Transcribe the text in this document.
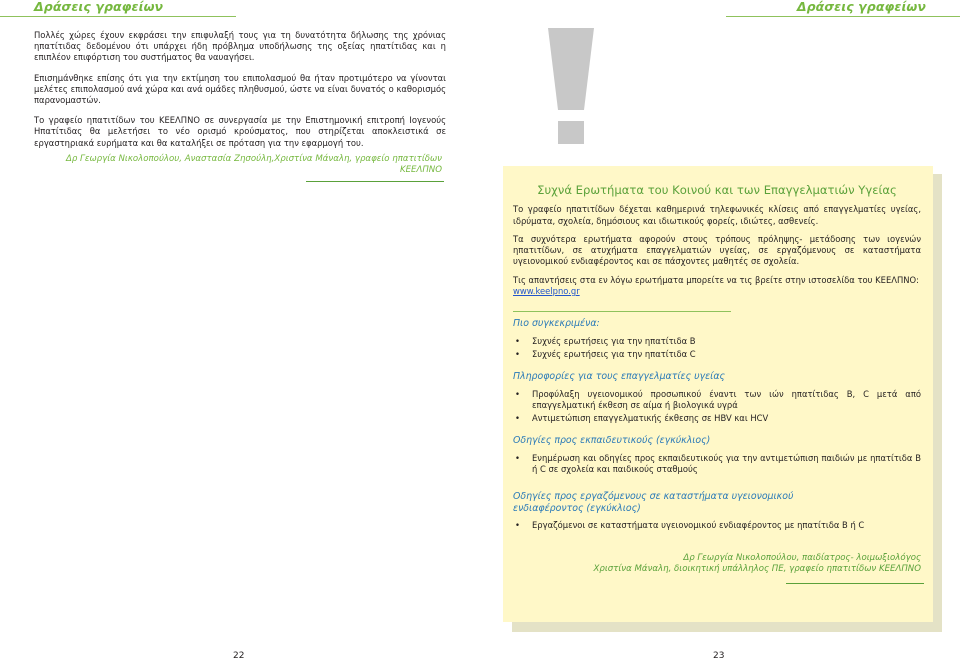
Δράσεις γραφείων	Δράσεις γραφείων

Πολλές χώρες έχουν εκφράσει την επιφυλαξή τους για τη δυνατότητα δήλωσης της χρόνιας ηπατίτιδας δεδομένου ότι υπάρχει ήδη πρόβλημα υποδήλωσης της οξείας ηπατίτιδας και η επιπλέον επιφόρτιση του συστήματος θα ναυαγήσει.

Επισημάνθηκε επίσης ότι για την εκτίμηση του επιπολασμού θα ήταν προτιμότερο να γίνονται μελέτες επιπολασμού ανά χώρα και ανά ομάδες πληθυσμού, ώστε να είναι δυνατός ο καθορισμός παρανομαστών.

Το γραφείο ηπατιτίδων του ΚΕΕΛΠΝΟ σε συνεργασία με την Επιστημονική επιτροπή Ιογενούς Ηπατίτιδας θα μελετήσει το νέο ορισμό κρούσματος, που στηρίζεται αποκλειστικά σε εργαστηριακά ευρήματα και θα καταλήξει σε πρόταση για την εφαρμογή του.

Δρ Γεωργία Νικολοπούλου, Αναστασία Ζησούλη,Χριστίνα Μάναλη, γραφείο ηπατιτίδων ΚΕΕΛΠΝΟ
Συχνά Ερωτήματα του Κοινού και των Επαγγελματιών Υγείας

Το γραφείο ηπατιτίδων δέχεται καθημερινά τηλεφωνικές κλίσεις από επαγγελματίες υγείας, ιδρύματα, σχολεία, δημόσιους και ιδιωτικούς φορείς, ιδιώτες, ασθενείς.

Τα συχνότερα ερωτήματα αφορούν στους τρόπους πρόληψης- μετάδοσης των ιογενών ηπατιτίδων, σε ατυχήματα επαγγελματιών υγείας, σε εργαζόμενους σε καταστήματα υγειονομικού ενδιαφέροντος και σε πάσχοντες μαθητές σε σχολεία.

Τις απαντήσεις στα εν λόγω ερωτήματα μπορείτε να τις βρείτε στην ιστοσελίδα του ΚΕΕΛΠΝΟ:

www.keelpno.gr
Πιο συγκεκριμένα:
• Συχνές ερωτήσεις για την ηπατίτιδα Β
• Συχνές ερωτήσεις για την ηπατίτιδα C
Πληροφορίες για τους επαγγελματίες υγείας
• Προφύλαξη υγειονομικού προσωπικού έναντι των ιών ηπατίτιδας Β, C μετά από επαγγελματική έκθεση σε αίμα ή βιολογικά υγρά
• Αντιμετώπιση επαγγελματικής έκθεσης σε HBV και HCV
Οδηγίες προς εκπαιδευτικούς (εγκύκλιος)
• Ενημέρωση και οδηγίες προς εκπαιδευτικούς για την αντιμετώπιση παιδιών με ηπατίτιδα Β ή C σε σχολεία και παιδικούς σταθμούς
Οδηγίες προς εργαζόμενους σε καταστήματα υγειονομικού ενδιαφέροντος (εγκύκλιος)
• Εργαζόμενοι σε καταστήματα υγειονομικού ενδιαφέροντος με ηπατίτιδα Β ή C
Δρ Γεωργία Νικολοπούλου, παιδίατρος- λοιμωξιολόγος
Χριστίνα Μάναλη, διοικητική υπάλληλος ΠΕ, γραφείο ηπατιτίδων ΚΕΕΛΠΝΟ
22	23
